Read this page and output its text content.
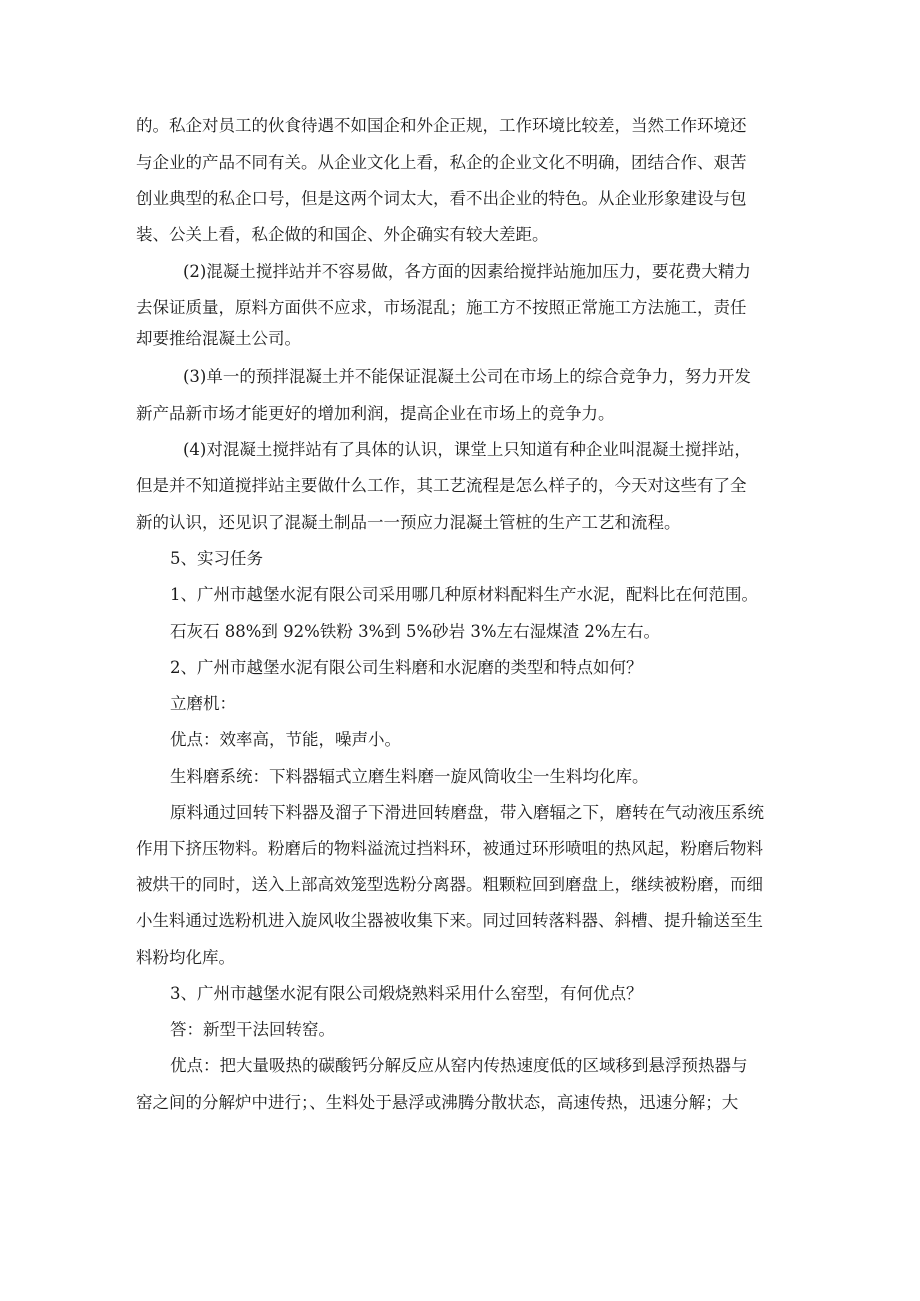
的。私企对员工的伙食待遇不如国企和外企正规，工作环境比较差，当然工作环境还
与企业的产品不同有关。从企业文化上看，私企的企业文化不明确，团结合作、艰苦
创业典型的私企口号，但是这两个词太大，看不出企业的特色。从企业形象建设与包
装、公关上看，私企做的和国企、外企确实有较大差距。
(2)混凝土搅拌站并不容易做，各方面的因素给搅拌站施加压力，要花费大精力
去保证质量，原料方面供不应求，市场混乱；施工方不按照正常施工方法施工，责任
却要推给混凝土公司。
(3)单一的预拌混凝土并不能保证混凝土公司在市场上的综合竞争力，努力开发
新产品新市场才能更好的增加利润，提高企业在市场上的竞争力。
(4)对混凝土搅拌站有了具体的认识，课堂上只知道有种企业叫混凝土搅拌站，
但是并不知道搅拌站主要做什么工作，其工艺流程是怎么样子的，今天对这些有了全
新的认识，还见识了混凝土制品一一预应力混凝土管桩的生产工艺和流程。
5、实习任务
1、广州市越堡水泥有限公司采用哪几种原材料配料生产水泥，配料比在何范围。
石灰石 88%到 92%铁粉 3%到 5%砂岩 3%左右湿煤渣 2%左右。
2、广州市越堡水泥有限公司生料磨和水泥磨的类型和特点如何？
立磨机：
优点：效率高，节能，噪声小。
生料磨系统：下料器辐式立磨生料磨一旋风筒收尘一生料均化库。
原料通过回转下料器及溜子下滑进回转磨盘，带入磨辐之下，磨转在气动液压系统
作用下挤压物料。粉磨后的物料溢流过挡料环，被通过环形喷咀的热风起，粉磨后物料
被烘干的同时，送入上部高效笼型选粉分离器。粗颗粒回到磨盘上，继续被粉磨，而细
小生料通过选粉机进入旋风收尘器被收集下来。同过回转落料器、斜槽、提升输送至生
料粉均化库。
3、广州市越堡水泥有限公司煅烧熟料采用什么窑型，有何优点？
答：新型干法回转窑。
优点：把大量吸热的碳酸钙分解反应从窑内传热速度低的区域移到悬浮预热器与
窑之间的分解炉中进行；、生料处于悬浮或沸腾分散状态，高速传热，迅速分解；大
